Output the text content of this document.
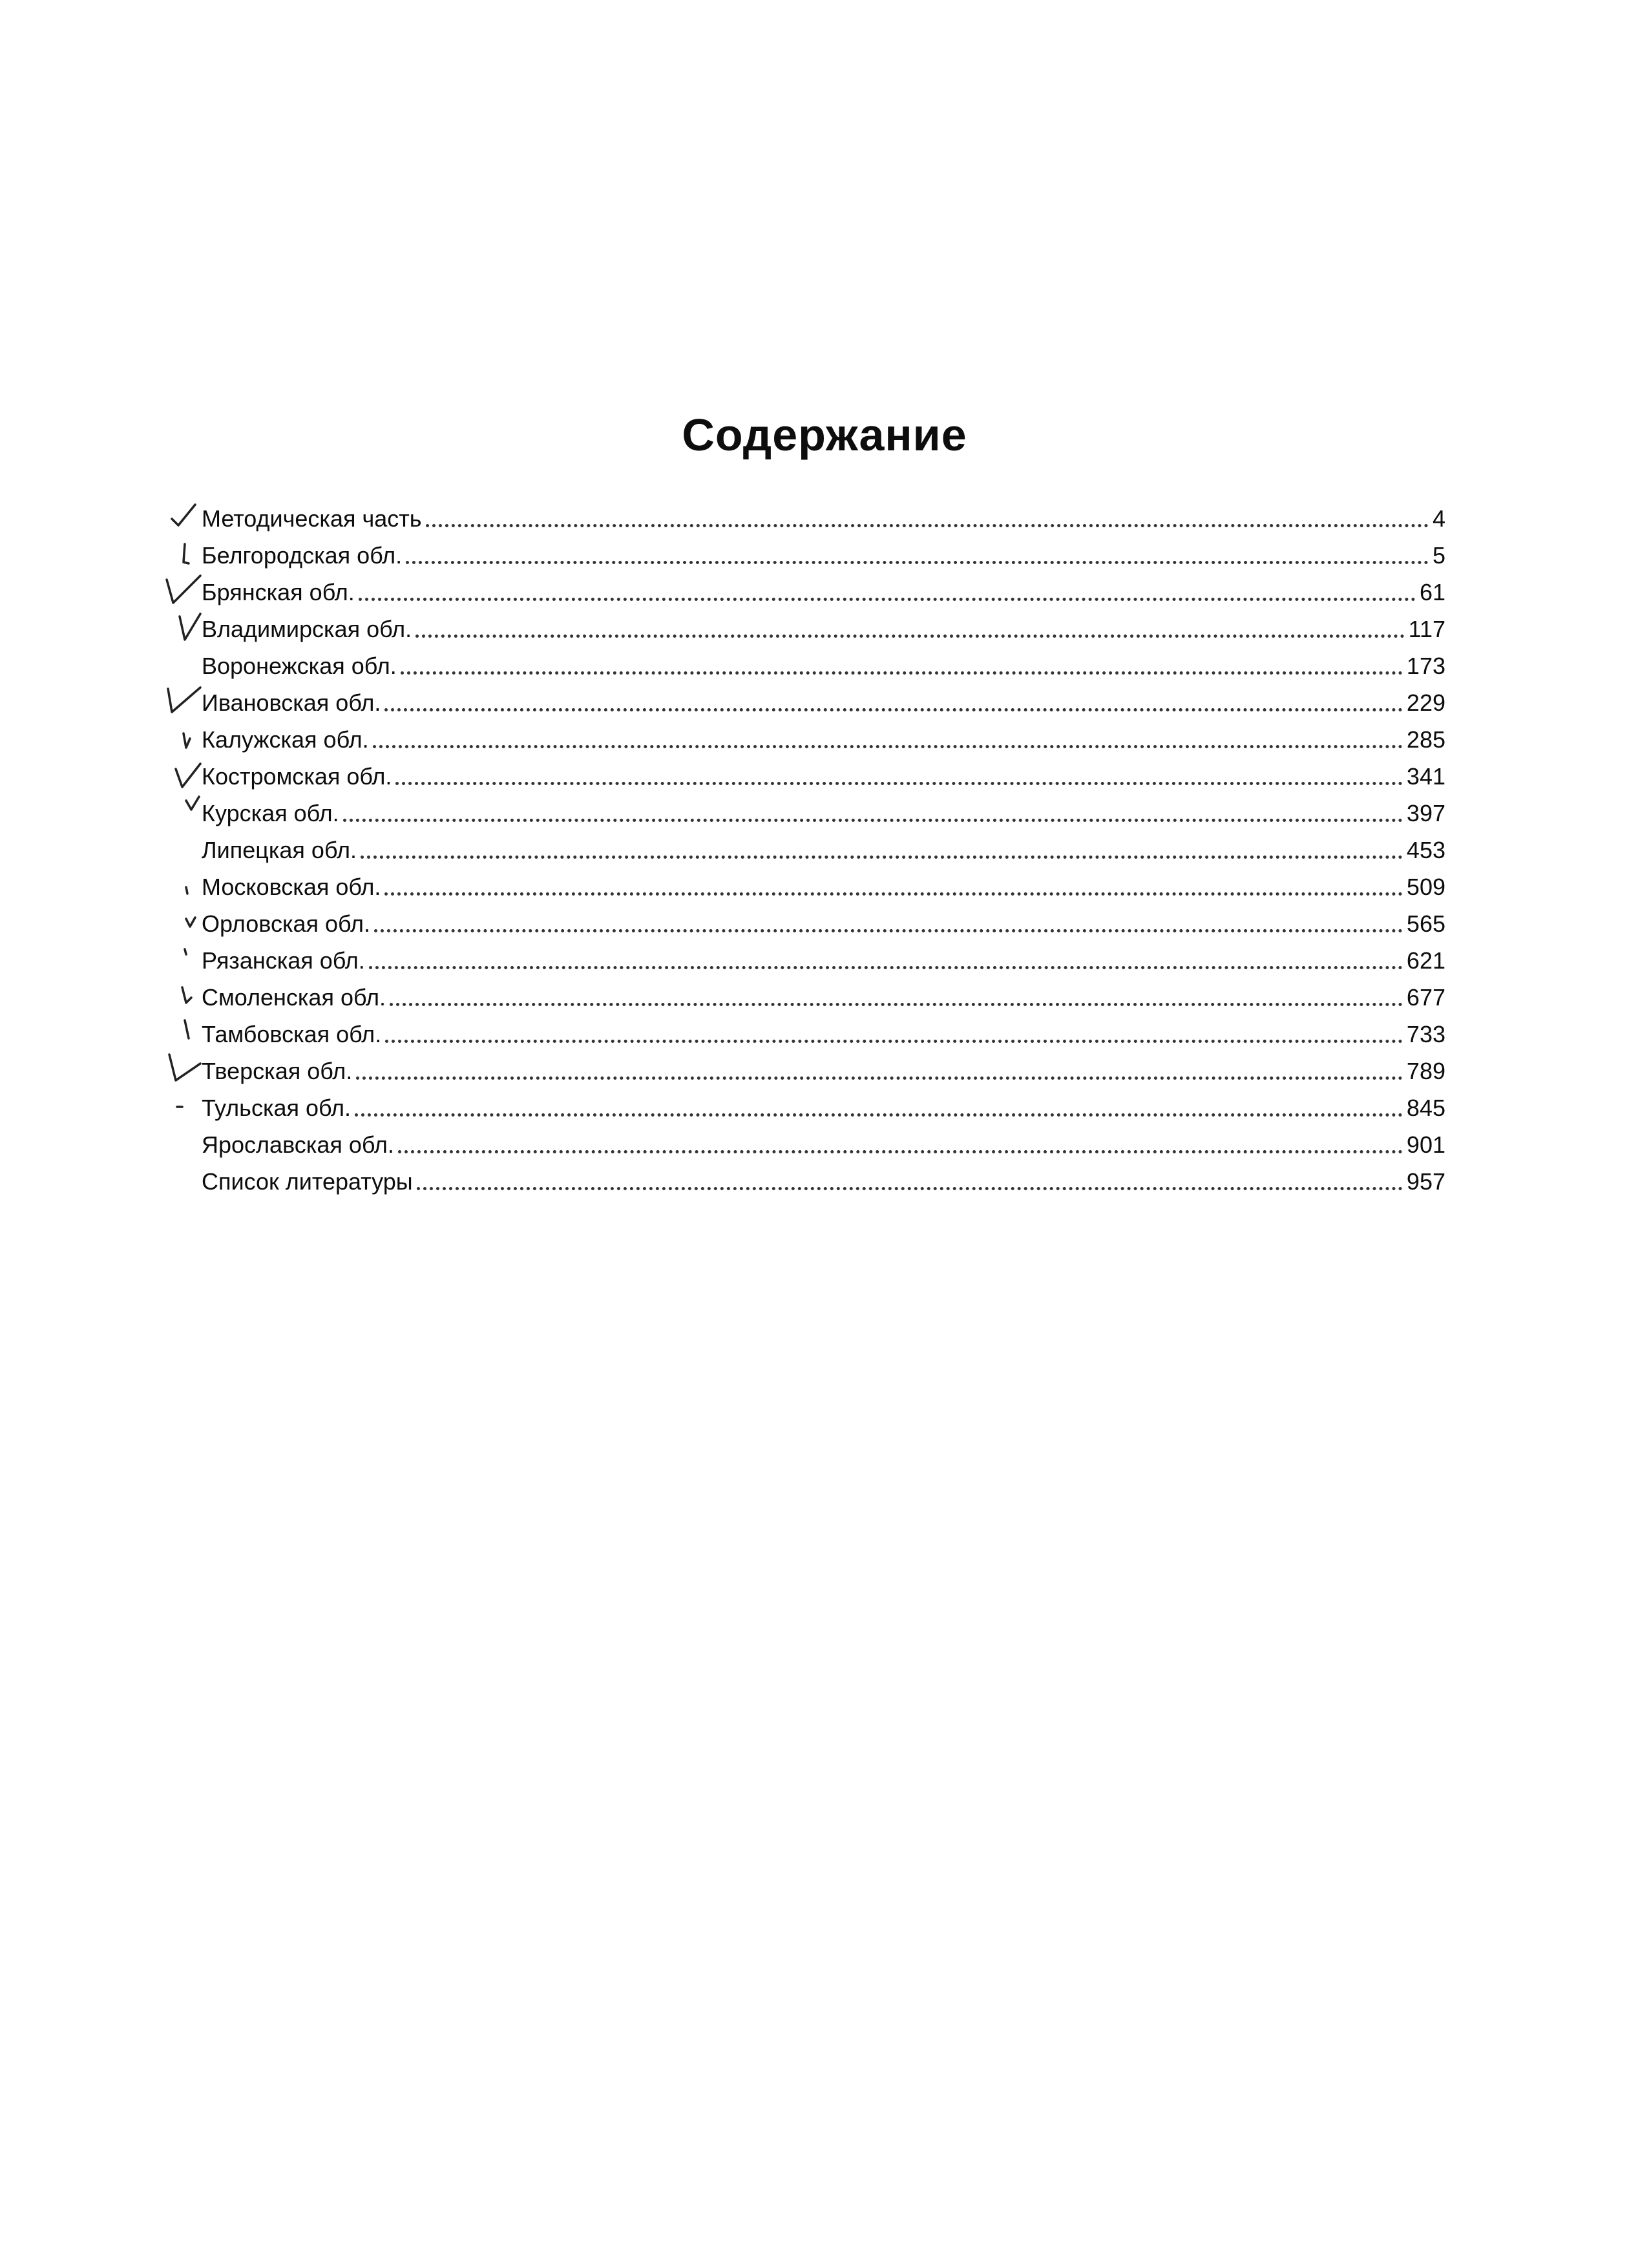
Содержание
Методическая часть	4
Белгородская обл.	5
Брянская обл.	61
Владимирская обл.	117
Воронежская обл.	173
Ивановская обл.	229
Калужская обл.	285
Костромская обл.	341
Курская обл.	397
Липецкая обл.	453
Московская обл.	509
Орловская обл.	565
Рязанская обл.	621
Смоленская обл.	677
Тамбовская обл.	733
Тверская обл.	789
Тульская обл.	845
Ярославская обл.	901
Список литературы	957
